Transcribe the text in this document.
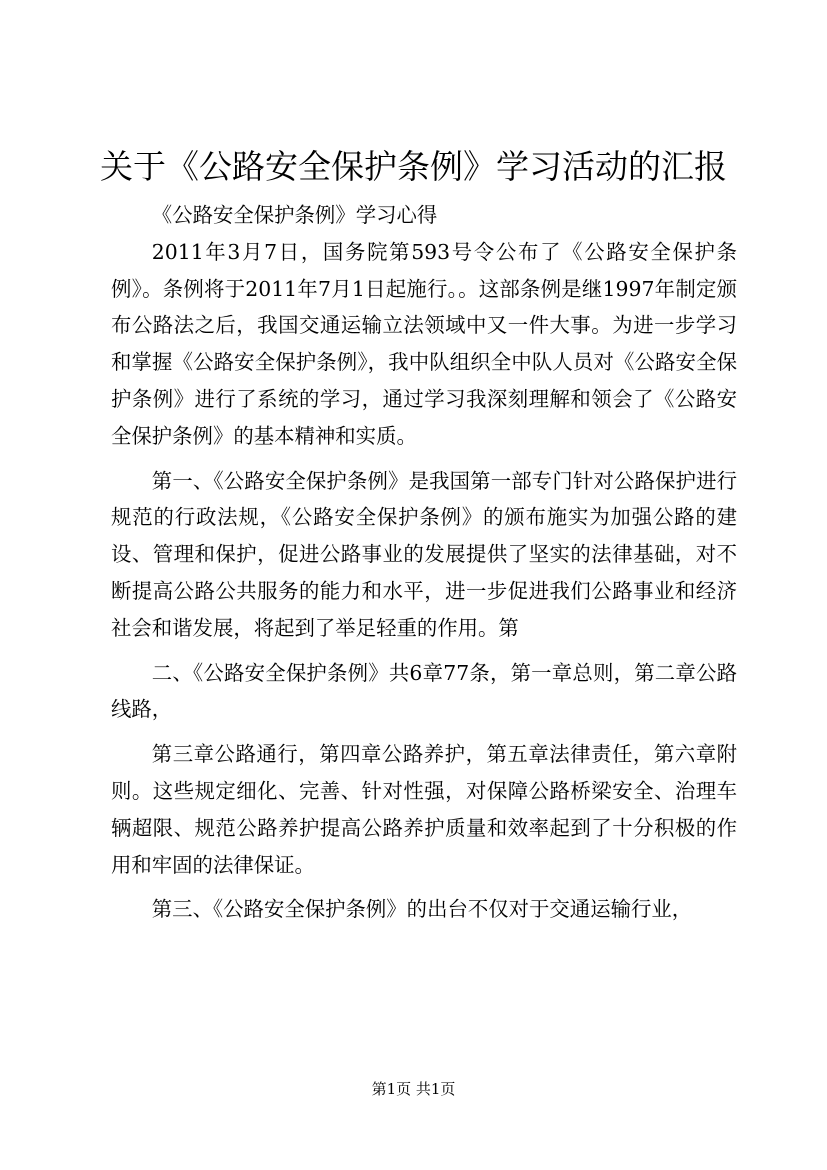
关于《公路安全保护条例》学习活动的汇报

《公路安全保护条例》学习心得

2011年3月7日，国务院第593号令公布了《公路安全保护条例》。条例将于2011年7月1日起施行。。这部条例是继1997年制定颁布公路法之后，我国交通运输立法领域中又一件大事。为进一步学习和掌握《公路安全保护条例》，我中队组织全中队人员对《公路安全保护条例》进行了系统的学习，通过学习我深刻理解和领会了《公路安全保护条例》的基本精神和实质。

第一、《公路安全保护条例》是我国第一部专门针对公路保护进行规范的行政法规，《公路安全保护条例》的颁布施实为加强公路的建设、管理和保护，促进公路事业的发展提供了坚实的法律基础，对不断提高公路公共服务的能力和水平，进一步促进我们公路事业和经济社会和谐发展，将起到了举足轻重的作用。第

二、《公路安全保护条例》共6章77条，第一章总则，第二章公路线路，

第三章公路通行，第四章公路养护，第五章法律责任，第六章附则。这些规定细化、完善、针对性强，对保障公路桥梁安全、治理车辆超限、规范公路养护提高公路养护质量和效率起到了十分积极的作用和牢固的法律保证。

第三、《公路安全保护条例》的出台不仅对于交通运输行业，

第1页 共1页
